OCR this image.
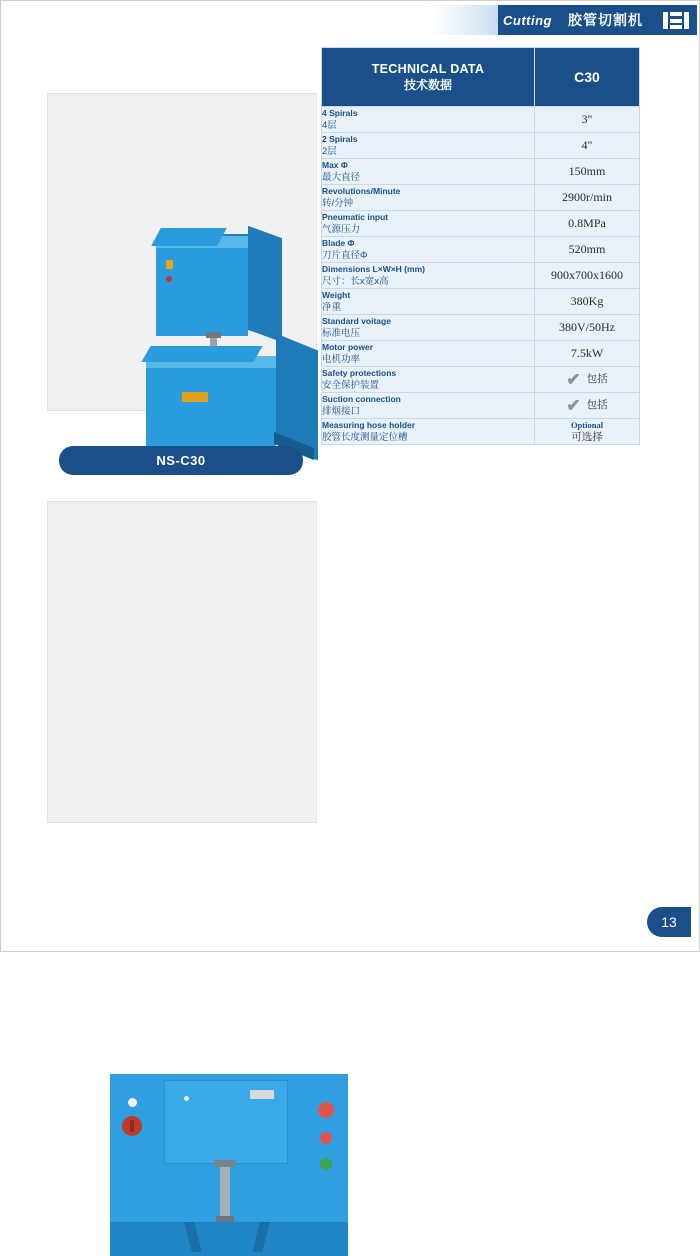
Cutting 胶管切割机
NS-C30
TECHNICAL DATA
技术数据	C30

4 Spirals
4层	3"

2 Spirals
2层	4"

Max Φ
最大直径	150mm

Revolutions/Minute
转/分钟	2900r/min

Pneumatic input
气源压力	0.8MPa

Blade Φ
刀片直径Φ	520mm

Dimensions L×W×H (mm)
尺寸：长x宽x高	900x700x1600

Weight
净重	380Kg

Standard voitage
标准电压	380V/50Hz

Motor power
电机功率	7.5kW

Safety protections
安全保护装置	✔ 包括

Suction connection
排烟接口	✔ 包括

Measuring hose holder
胶管长度测量定位槽	Optional
可选择
13
